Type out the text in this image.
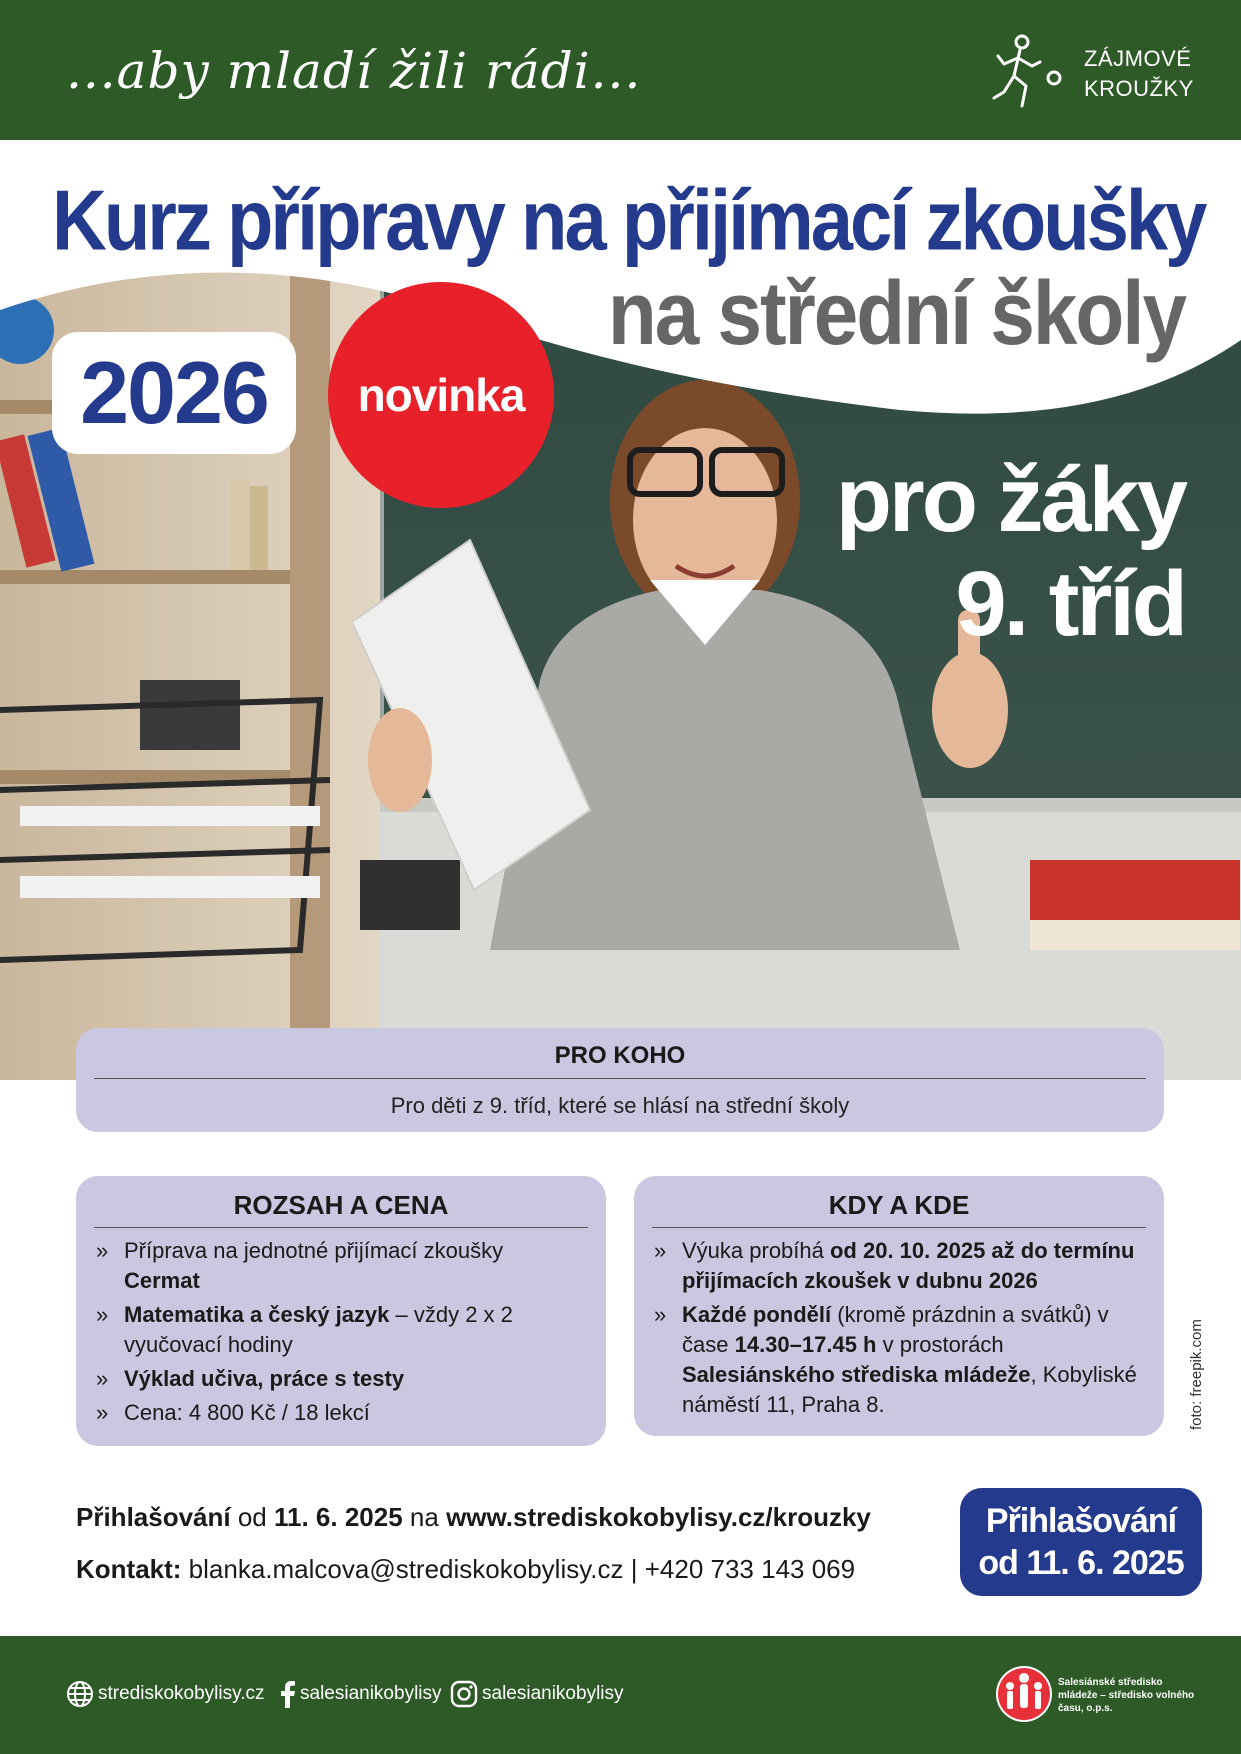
...aby mladí žili rádi...	ZÁJMOVÉ
KROUŽKY
Kurz přípravy na přijímací zkoušky
na střední školy
2026	novinka
pro žáky
9. tříd
foto: freepik.com
PRO KOHO
Pro děti z 9. tříd, které se hlásí na střední školy
ROZSAH A CENA
» Příprava na jednotné přijímací zkoušky
Cermat
» Matematika a český jazyk – vždy 2 x 2 vyučovací hodiny
» Výklad učiva, práce s testy
» Cena: 4 800 Kč / 18 lekcí
KDY A KDE
» Výuka probíhá od 20. 10. 2025 až do termínu přijímacích zkoušek v dubnu 2026
» Každé pondělí (kromě prázdnin a svátků) v čase 14.30–17.45 h v prostorách Salesiánského střediska mládeže, Kobyliské náměstí 11, Praha 8.
Přihlašování od 11. 6. 2025 na www.strediskokobylisy.cz/krouzky
Kontakt: blanka.malcova@strediskokobylisy.cz | +420 733 143 069
Přihlašování
od 11. 6. 2025
strediskokobylisy.cz salesianikobylisy salesianikobylisy
Salesiánské středisko mládeže – středisko volného času, o.p.s.
